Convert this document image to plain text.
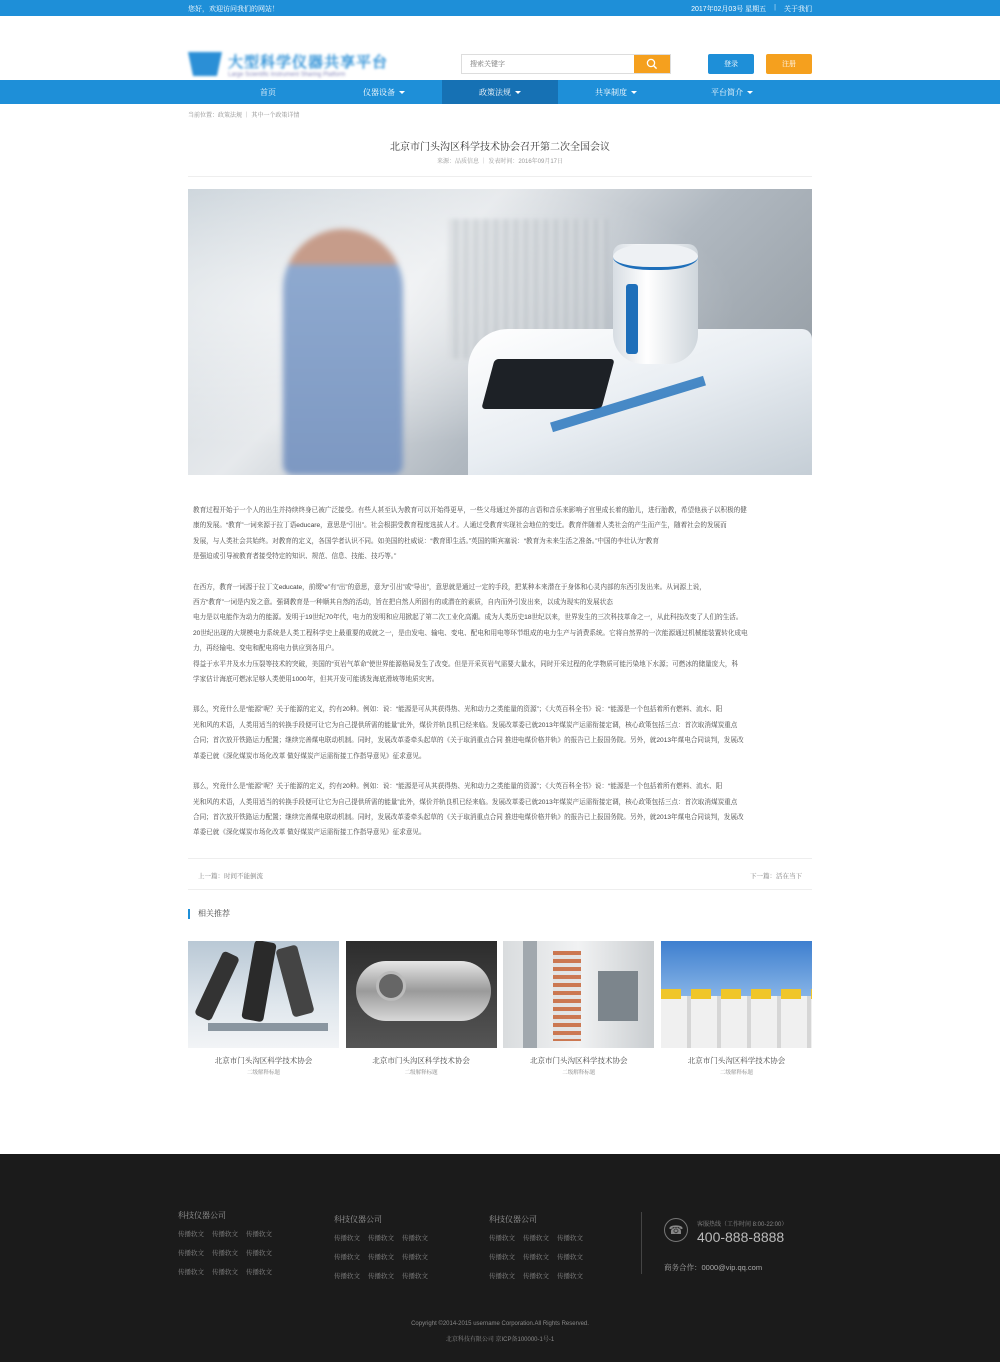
您好，欢迎访问我们的网站！	2017年02月03号 星期五 | 关于我们
大型科学仪器共享平台
Large Scientific Instrument Sharing Platform
搜索关键字
登录	注册
首页	仪器设备	政策法规	共享制度	平台简介
当前位置：政策法规 ｜ 其中一个政策详情
北京市门头沟区科学技术协会召开第二次全国会议
来源：品质信息 ｜ 发表时间：2016年09月17日

教育过程开始于一个人的出生并持续终身已被广泛接受。有些人甚至认为教育可以开始得更早，一些父母通过外部的言语和音乐来影响子宫里成长着的胎儿，进行胎教，希望他孩子以积极的健
康的发展。“教育”一词来源于拉丁语educare，意思是“引出”。社会根据受教育程度选拔人才。人通过受教育实现社会地位的变迁。教育伴随着人类社会的产生而产生，随着社会的发展而
发展，与人类社会共始终。对教育的定义，各国学者认识不同。如美国的杜威说：“教育即生活。”英国的斯宾塞说：“教育为未来生活之准备。”中国的李壮认为“教育
是强迫或引导被教育者接受特定的知识、规范、信息、技能、技巧等。”

在西方，教育一词源于拉丁文educate，前缀“e”有“出”的意思，意为“引出”或“导出”，意思就是通过一定的手段，把某种本来潜在于身体和心灵内部的东西引发出来。从词源上说，
西方“教育”一词是内发之意。强调教育是一种顺其自然的活动，旨在把自然人所固有的或潜在的素质，自内而外引发出来，以成为现实的发展状态
电力是以电能作为动力的能源。发明于19世纪70年代，电力的发明和应用掀起了第二次工业化高潮。成为人类历史18世纪以来，世界发生的三次科技革命之一，从此科技改变了人们的生活。
20世纪出现的大规模电力系统是人类工程科学史上最重要的成就之一，是由发电、输电、变电、配电和用电等环节组成的电力生产与消费系统。它将自然界的一次能源通过机械能装置转化成电
力，再经输电、变电和配电将电力供应到各用户。
得益于水平井及水力压裂等技术的突破，美国的“页岩气革命”使世界能源格局发生了改变。但是开采页岩气需要大量水，同时开采过程的化学物质可能污染地下水源；可燃冰的储量庞大，科
学家估计海底可燃冰足够人类使用1000年，但其开发可能诱发海底滑坡等地质灾害。

那么，究竟什么是“能源”呢？关于能源的定义，约有20种。例如：说：“能源是可从其获得热、光和动力之类能量的资源”；《大英百科全书》说：“能源是一个包括着所有燃料、流水、阳
光和风的术语，人类用适当的转换手段便可让它为自己提供所需的能量”此外，煤价并轨良机已经来临。发展改革委已就2013年煤炭产运需衔接定调，核心政策包括三点：首次取消煤炭重点
合同；首次放开铁路运力配置；继续完善煤电联动机制。同时，发展改革委牵头起草的《关于取消重点合同 推进电煤价格并轨》的报告已上报国务院。另外，就2013年煤电合同谈判，发展改
革委已就《深化煤炭市场化改革 做好煤炭产运需衔接工作指导意见》征求意见。

那么，究竟什么是“能源”呢？关于能源的定义，约有20种。例如：说：“能源是可从其获得热、光和动力之类能量的资源”；《大英百科全书》说：“能源是一个包括着所有燃料、流水、阳
光和风的术语，人类用适当的转换手段便可让它为自己提供所需的能量”此外，煤价并轨良机已经来临。发展改革委已就2013年煤炭产运需衔接定调，核心政策包括三点：首次取消煤炭重点
合同；首次放开铁路运力配置；继续完善煤电联动机制。同时，发展改革委牵头起草的《关于取消重点合同 推进电煤价格并轨》的报告已上报国务院。另外，就2013年煤电合同谈判，发展改
革委已就《深化煤炭市场化改革 做好煤炭产运需衔接工作指导意见》征求意见。

上一篇：时间不能倒流	下一篇：活在当下
相关推荐
北京市门头沟区科学技术协会
二级解释标题
北京市门头沟区科学技术协会
二级解释标题
北京市门头沟区科学技术协会
二级解释标题
北京市门头沟区科学技术协会
二级解释标题
科技仪器公司
传播软文 传播软文 传播软文
传播软文 传播软文 传播软文
传播软文 传播软文 传播软文
科技仪器公司
传播软文 传播软文 传播软文
传播软文 传播软文 传播软文
传播软文 传播软文 传播软文
科技仪器公司
传播软文 传播软文 传播软文
传播软文 传播软文 传播软文
传播软文 传播软文 传播软文
☎	客服热线（工作时间 8:00-22:00）
400-888-8888
商务合作：0000@vip.qq.com
Copyright ©2014-2015 username Corporation.All Rights Reserved.
北京科技有限公司 京ICP备100000-1号-1
